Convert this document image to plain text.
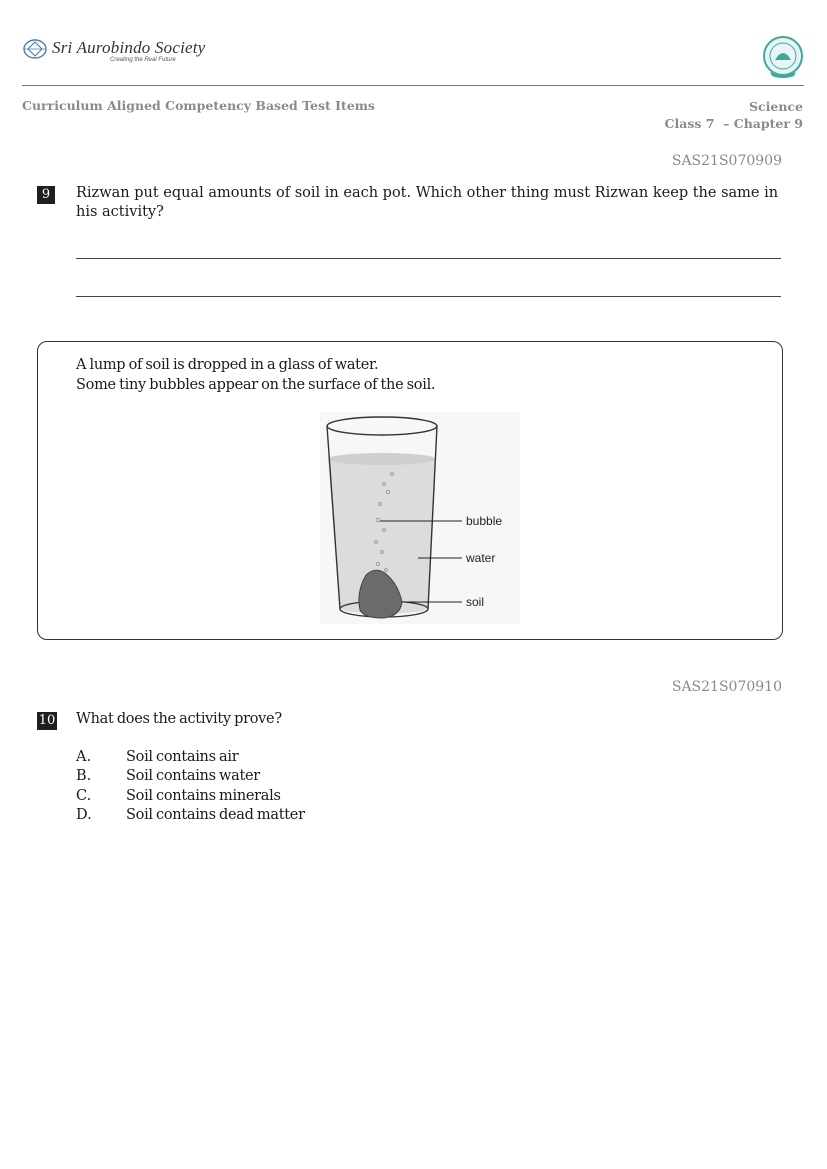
Sri Aurobindo Society
Creating the Real Future
Curriculum Aligned Competency Based Test Items	Science
Class 7  – Chapter 9
SAS21S070909
9	Rizwan put equal amounts of soil in each pot. Which other thing must Rizwan keep the same in his activity?
A lump of soil is dropped in a glass of water.
Some tiny bubbles appear on the surface of the soil.
bubble
water
soil
SAS21S070910
10 What does the activity prove?
A. Soil contains air
B. Soil contains water
C. Soil contains minerals
D. Soil contains dead matter
